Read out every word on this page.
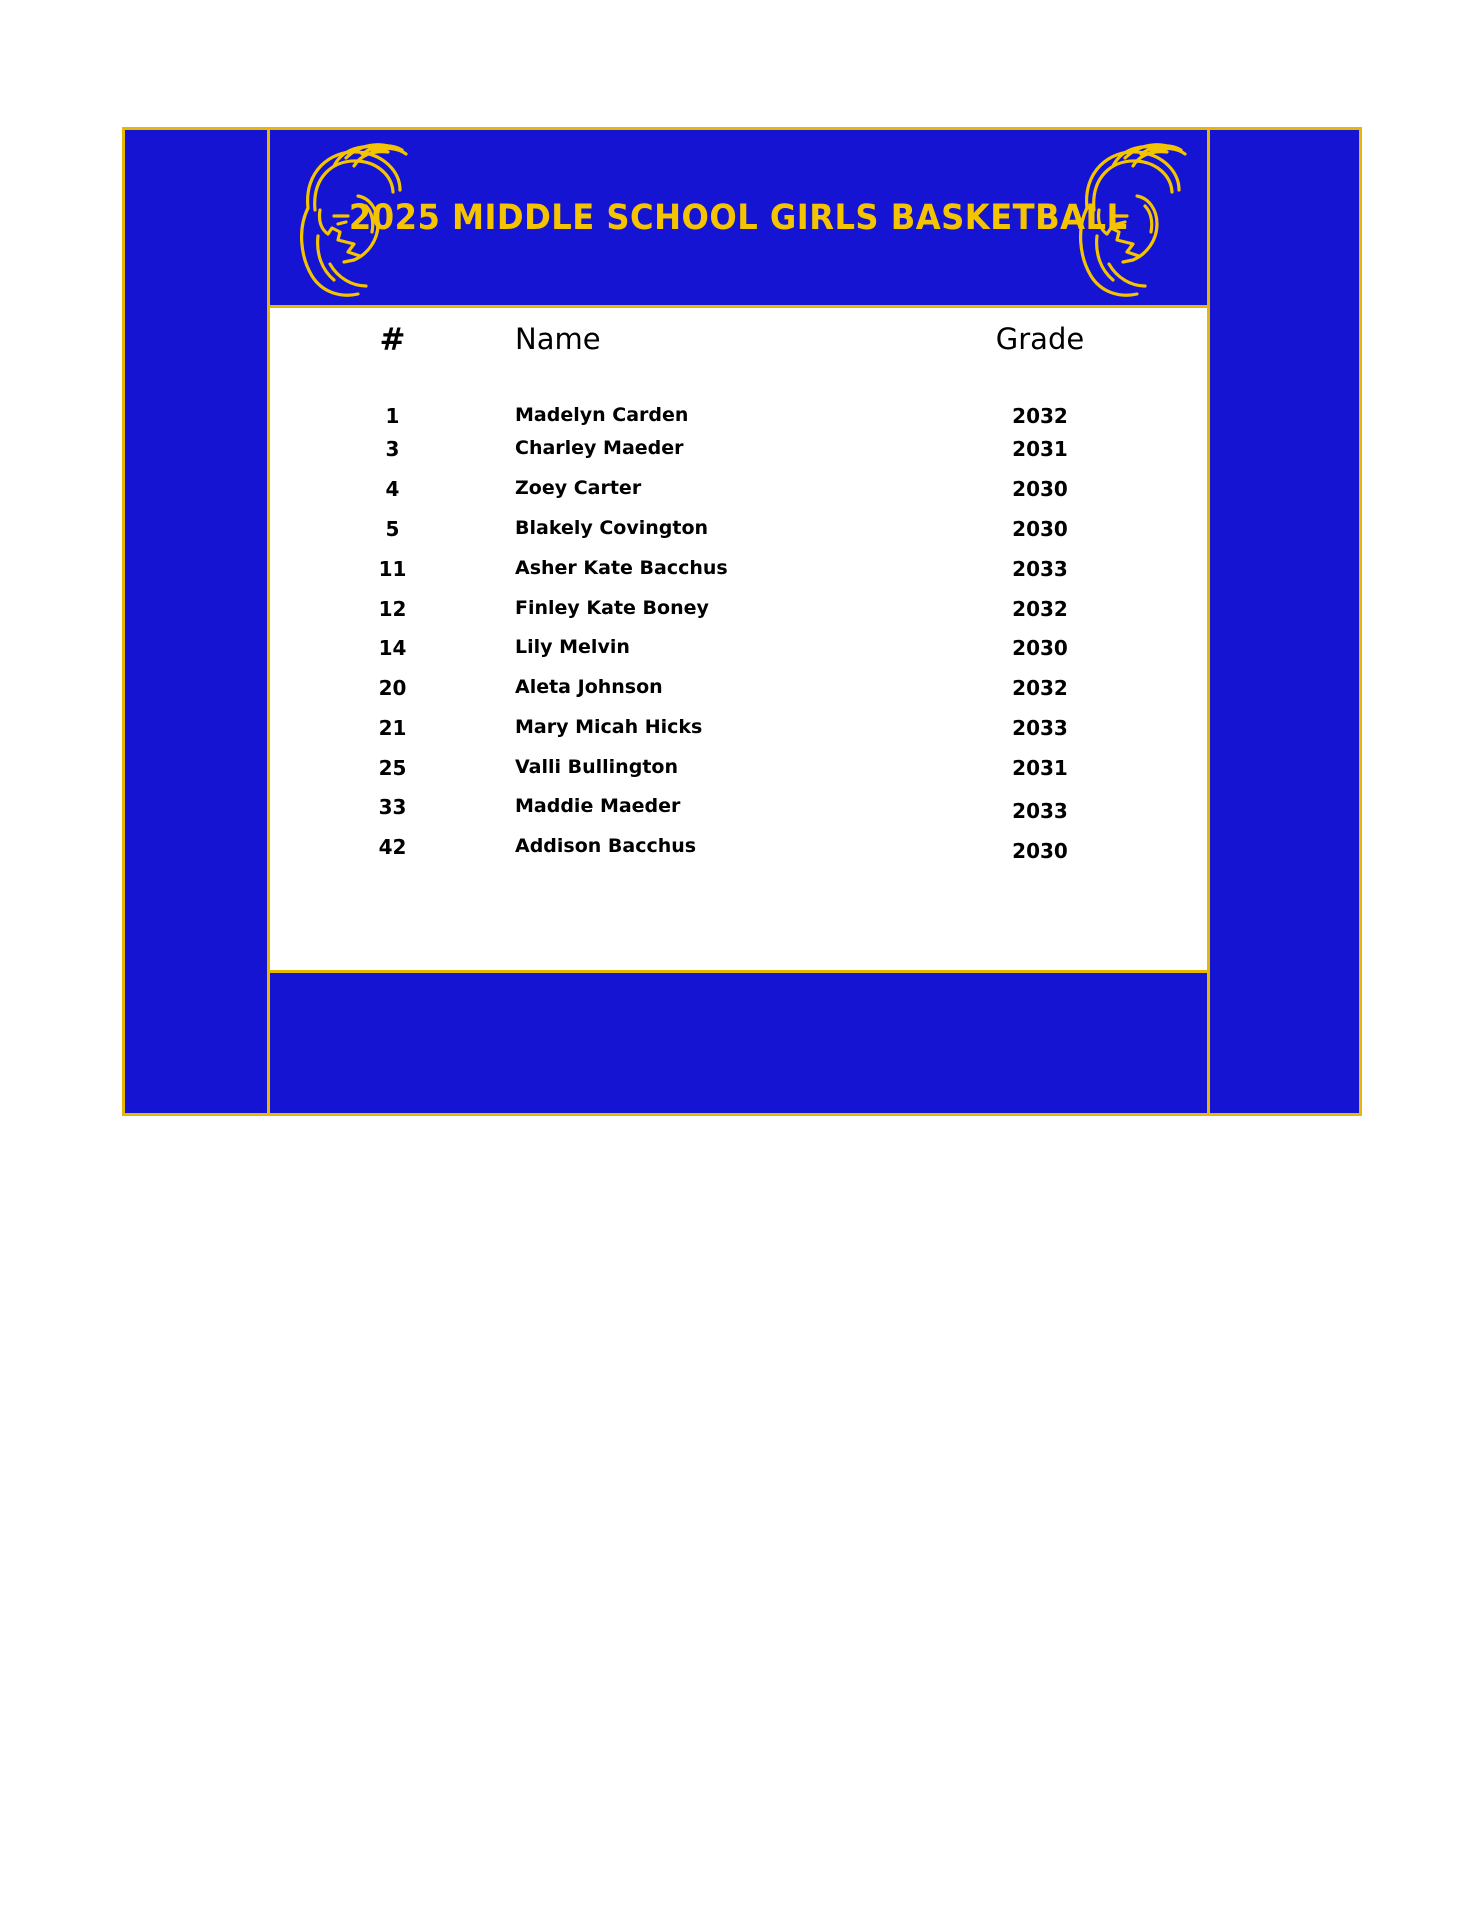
2025 MIDDLE SCHOOL GIRLS BASKETBALL
#	Name	Grade
1	Madelyn Carden	2032
3	Charley Maeder	2031
4	Zoey Carter	2030
5	Blakely Covington	2030
11	Asher Kate Bacchus	2033
12	Finley Kate Boney	2032
14	Lily Melvin	2030
20	Aleta Johnson	2032
21	Mary Micah Hicks	2033
25	Valli Bullington	2031
33	Maddie Maeder	2033
42	Addison Bacchus	2030
